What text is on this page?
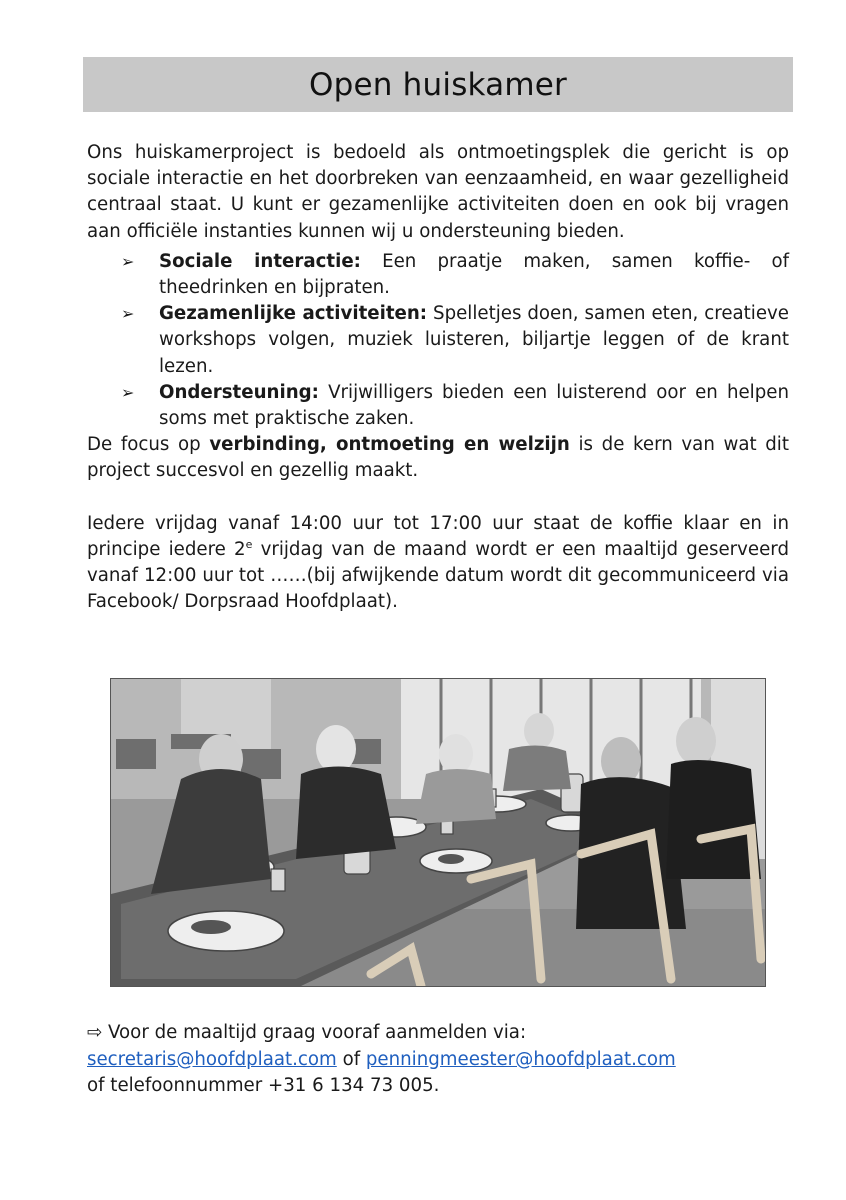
Open huiskamer

Ons huiskamerproject is bedoeld als ontmoetingsplek die gericht is op sociale interactie en het doorbreken van eenzaamheid, en waar gezelligheid centraal staat. U kunt er gezamenlijke activiteiten doen en ook bij vragen aan officiële instanties kunnen wij u ondersteuning bieden.

➢ Sociale interactie: Een praatje maken, samen koffie- of theedrinken en bijpraten.
➢ Gezamenlijke activiteiten: Spelletjes doen, samen eten, creatieve workshops volgen, muziek luisteren, biljartje leggen of de krant lezen.
➢ Ondersteuning: Vrijwilligers bieden een luisterend oor en helpen soms met praktische zaken.

De focus op verbinding, ontmoeting en welzijn is de kern van wat dit project succesvol en gezellig maakt.

Iedere vrijdag vanaf 14:00 uur tot 17:00 uur staat de koffie klaar en in principe iedere 2e vrijdag van de maand wordt er een maaltijd geserveerd vanaf 12:00 uur tot ……(bij afwijkende datum wordt dit gecommuniceerd via Facebook/ Dorpsraad Hoofdplaat).

⇨ Voor de maaltijd graag vooraf aanmelden via:
secretaris@hoofdplaat.com of penningmeester@hoofdplaat.com
of telefoonnummer +31 6 134 73 005.
